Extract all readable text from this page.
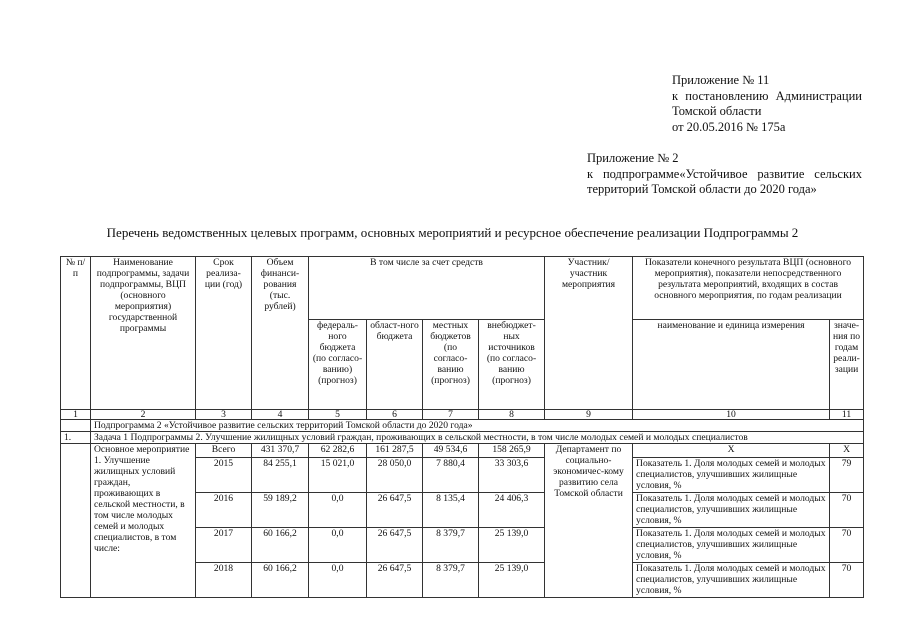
Приложение № 11
к постановлению Администрации
Томской области
от 20.05.2016 № 175а
Приложение № 2
к подпрограмме«Устойчивое развитие сельских
территорий Томской области до 2020 года»
Перечень ведомственных целевых программ, основных мероприятий и ресурсное обеспечение реализации Подпрограммы 2
№ п/п	Наименование подпрограммы, задачи подпрограммы, ВЦП (основного мероприятия) государственной программы	Срок реализа-ции (год)	Объем финанси-рования (тыс. рублей)	В том числе за счет средств				Участник/ участник мероприятия	Показатели конечного результата ВЦП (основного мероприятия), показатели непосредственного результата мероприятий, входящих в состав основного мероприятия, по годам реализации	
				федераль-ного бюджета (по согласо-ванию) (прогноз)	област-ного бюджета	местных бюджетов (по согласо-ванию (прогноз)	внебюджет-ных источников (по согласо-ванию (прогноз)		наименование и единица измерения	значе-ния по годам реали-зации
1	2	3	4	5	6	7	8	9	10	11
	Подпрограмма 2 «Устойчивое развитие сельских территорий Томской области до 2020 года»									
1.	Задача 1 Подпрограммы 2. Улучшение жилищных условий граждан, проживающих в сельской местности, в том числе молодых семей и молодых специалистов									
	Основное мероприятие 1. Улучшение жилищных условий граждан, проживающих в сельской местности, в том числе молодых семей и молодых специалистов, в том числе:	Всего	431 370,7	62 282,6	161 287,5	49 534,6	158 265,9	Департамент по социально-экономичес-кому развитию села Томской области	X	X
		2015	84 255,1	15 021,0	28 050,0	7 880,4	33 303,6		Показатель 1. Доля молодых семей и молодых специалистов, улучшивших жилищные условия, %	79
		2016	59 189,2	0,0	26 647,5	8 135,4	24 406,3		Показатель 1. Доля молодых семей и молодых специалистов, улучшивших жилищные условия, %	70
		2017	60 166,2	0,0	26 647,5	8 379,7	25 139,0		Показатель 1. Доля молодых семей и молодых специалистов, улучшивших жилищные условия, %	70
		2018	60 166,2	0,0	26 647,5	8 379,7	25 139,0		Показатель 1. Доля молодых семей и молодых специалистов, улучшивших жилищные условия, %	70
